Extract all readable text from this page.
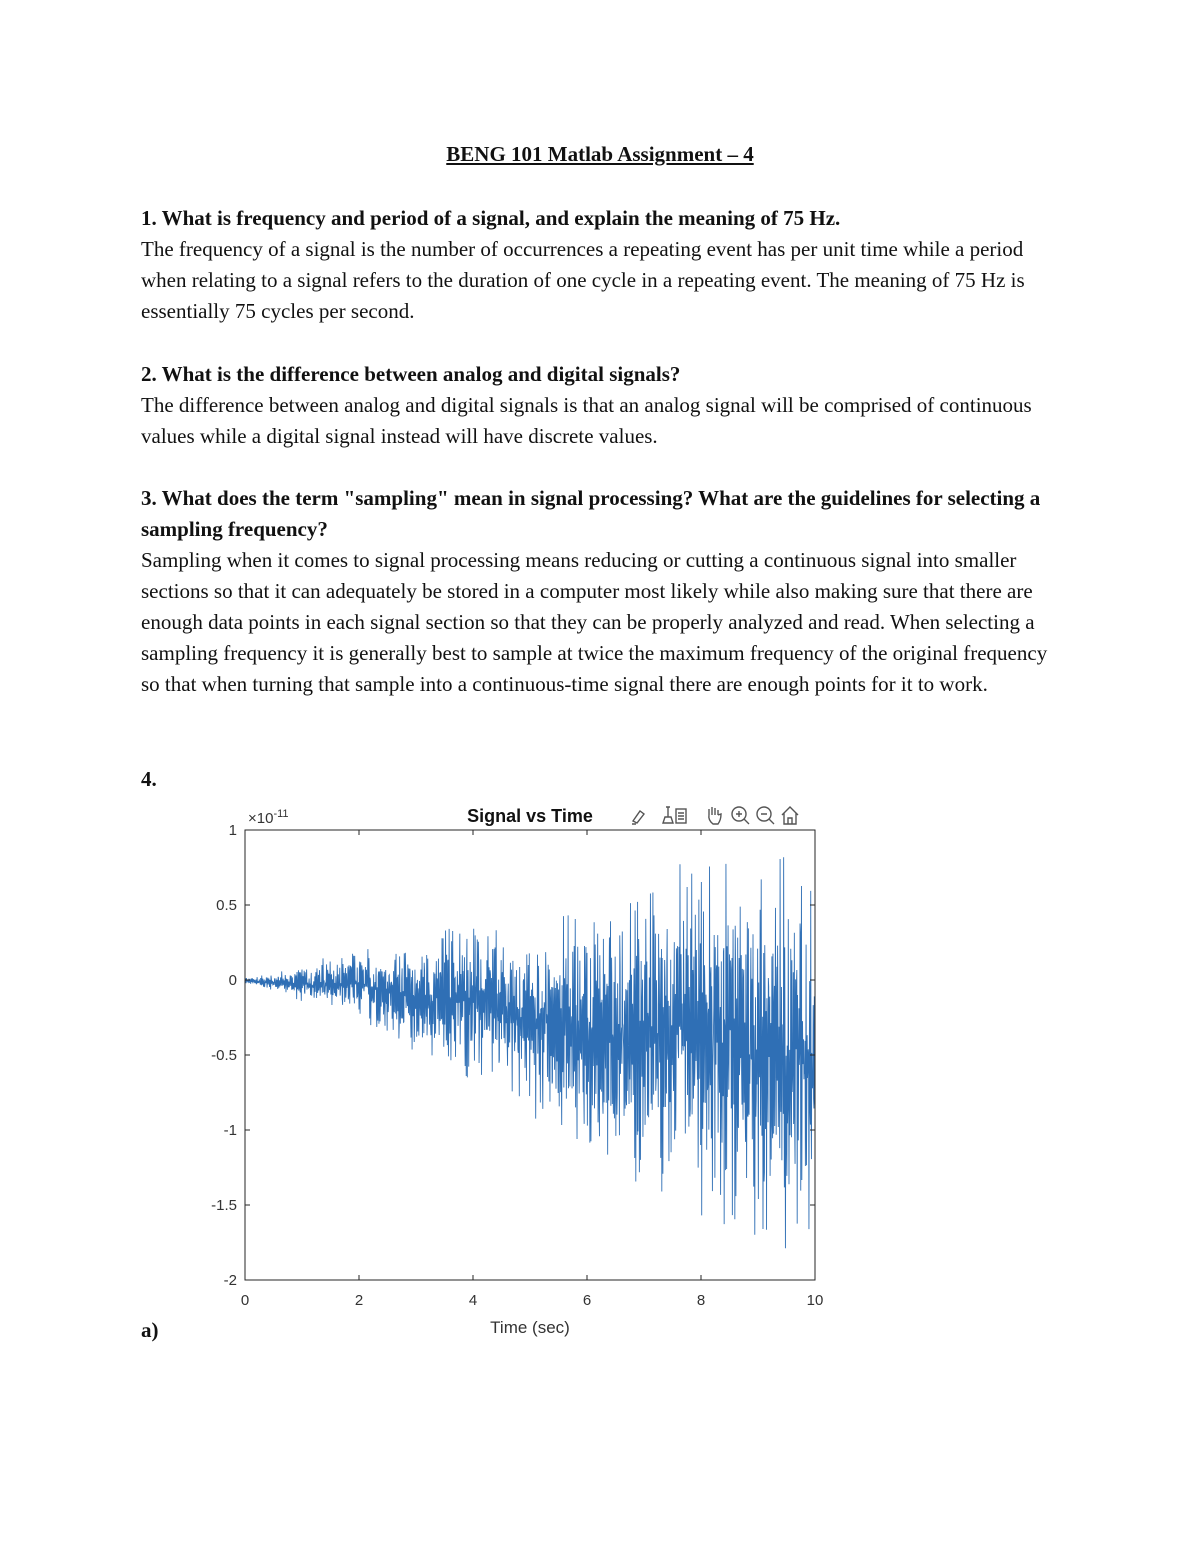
BENG 101 Matlab Assignment – 4

1. What is frequency and period of a signal, and explain the meaning of 75 Hz.

The frequency of a signal is the number of occurrences a repeating event has per unit time while a period when relating to a signal refers to the duration of one cycle in a repeating event. The meaning of 75 Hz is essentially 75 cycles per second.

2. What is the difference between analog and digital signals?

The difference between analog and digital signals is that an analog signal will be comprised of continuous values while a digital signal instead will have discrete values.

3. What does the term "sampling" mean in signal processing? What are the guidelines for selecting a sampling frequency?

Sampling when it comes to signal processing means reducing or cutting a continuous signal into smaller sections so that it can adequately be stored in a computer most likely while also making sure that there are enough data points in each signal section so that they can be properly analyzed and read. When selecting a sampling frequency it is generally best to sample at twice the maximum frequency of the original frequency so that when turning that sample into a continuous-time signal there are enough points for it to work.

4.
a)
1
0.5
0
-0.5
-1
-1.5
-2
0	2	4	6	8	10
Signal vs Time
$\times 10^{-11}$
Time (sec)
